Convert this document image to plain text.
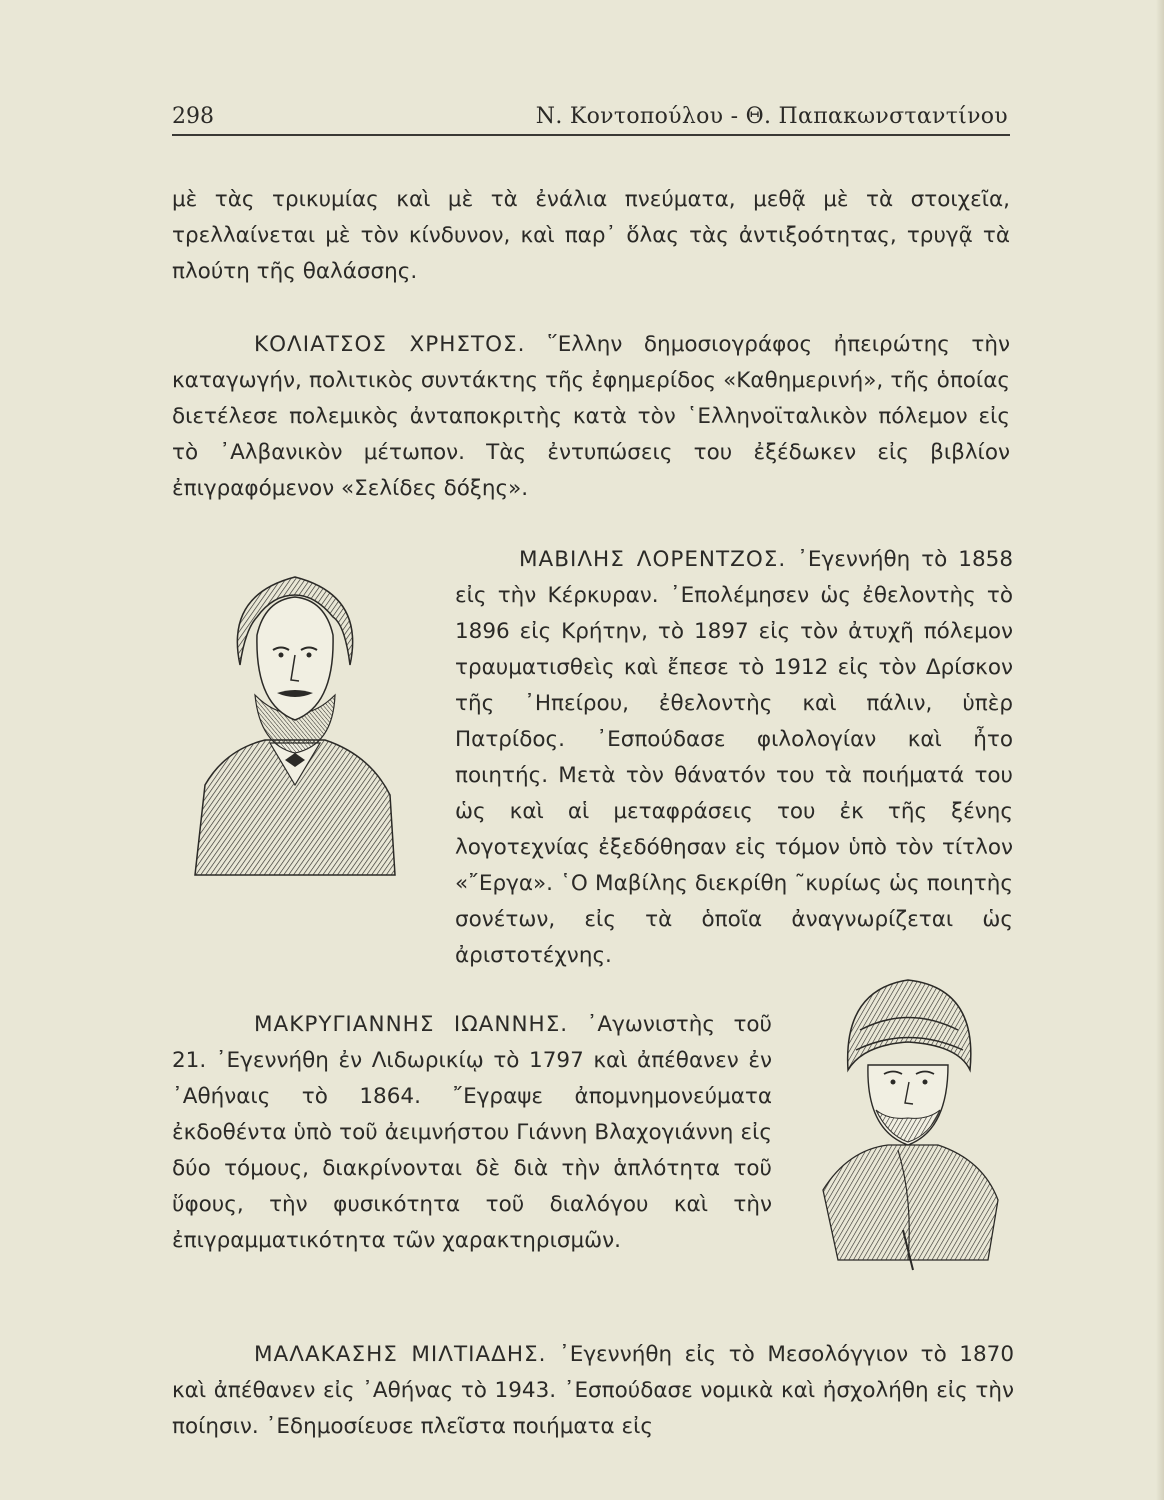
298	Ν. Κοντοπούλου - Θ. Παπακωνσταντίνου

μὲ τὰς τρικυμίας καὶ μὲ τὰ ἐνάλια πνεύματα, μεθᾷ μὲ τὰ στοιχεῖα, τρελλαίνεται μὲ τὸν κίνδυνον, καὶ παρ᾽ ὅλας τὰς ἀντιξοότητας, τρυγᾷ τὰ πλούτη τῆς θαλάσσης.

ΚΟΛΙΑΤΣΟΣ ΧΡΗΣΤΟΣ. ῞Ελλην δημοσιογράφος ἠπειρώτης τὴν καταγωγήν, πολιτικὸς συντάκτης τῆς ἐφημερίδος «Καθημερινή», τῆς ὁποίας διετέλεσε πολεμικὸς ἀνταποκριτὴς κατὰ τὸν ῾Ελληνοϊταλικὸν πόλεμον εἰς τὸ ᾽Αλβανικὸν μέτωπον. Τὰς ἐντυπώσεις του ἐξέδωκεν εἰς βιβλίον ἐπιγραφόμενον «Σελίδες δόξης».

ΜΑΒΙΛΗΣ ΛΟΡΕΝΤΖΟΣ. ᾽Εγεννήθη τὸ 1858 εἰς τὴν Κέρκυραν. ᾽Επολέμησεν ὡς ἐθελοντὴς τὸ 1896 εἰς Κρήτην, τὸ 1897 εἰς τὸν ἀτυχῆ πόλεμον τραυματισθεὶς καὶ ἔπεσε τὸ 1912 εἰς τὸν Δρίσκον τῆς ᾽Ηπείρου, ἐθελοντὴς καὶ πάλιν, ὑπὲρ Πατρίδος. ᾽Εσπούδασε φιλολογίαν καὶ ἦτο ποιητής. Μετὰ τὸν θάνατόν του τὰ ποιήματά του ὡς καὶ αἱ μεταφράσεις του ἐκ τῆς ξένης λογοτεχνίας ἐξεδόθησαν εἰς τόμον ὑπὸ τὸν τίτλον «῎Εργα». ῾Ο Μαβίλης διεκρίθη ῀κυρίως ὡς ποιητὴς σονέτων, εἰς τὰ ὁποῖα ἀναγνωρίζεται ὡς ἀριστοτέχνης.

ΜΑΚΡΥΓΙΑΝΝΗΣ ΙΩΑΝΝΗΣ. ᾽Αγωνιστὴς τοῦ 21. ᾽Εγεννήθη ἐν Λιδωρικίῳ τὸ 1797 καὶ ἀπέθανεν ἐν ᾽Αθήναις τὸ 1864. ῎Εγραψε ἀπομνημονεύματα ἐκδοθέντα ὑπὸ τοῦ ἀειμνήστου Γιάννη Βλαχογιάννη εἰς δύο τόμους, διακρίνονται δὲ διὰ τὴν ἁπλότητα τοῦ ὕφους, τὴν φυσικότητα τοῦ διαλόγου καὶ τὴν ἐπιγραμματικότητα τῶν χαρακτηρισμῶν.

ΜΑΛΑΚΑΣΗΣ ΜΙΛΤΙΑΔΗΣ. ᾽Εγεννήθη εἰς τὸ Μεσολόγγιον τὸ 1870 καὶ ἀπέθανεν εἰς ᾽Αθήνας τὸ 1943. ᾽Εσπούδασε νομικὰ καὶ ἠσχολήθη εἰς τὴν ποίησιν. ᾽Εδημοσίευσε πλεῖστα ποιήματα εἰς
